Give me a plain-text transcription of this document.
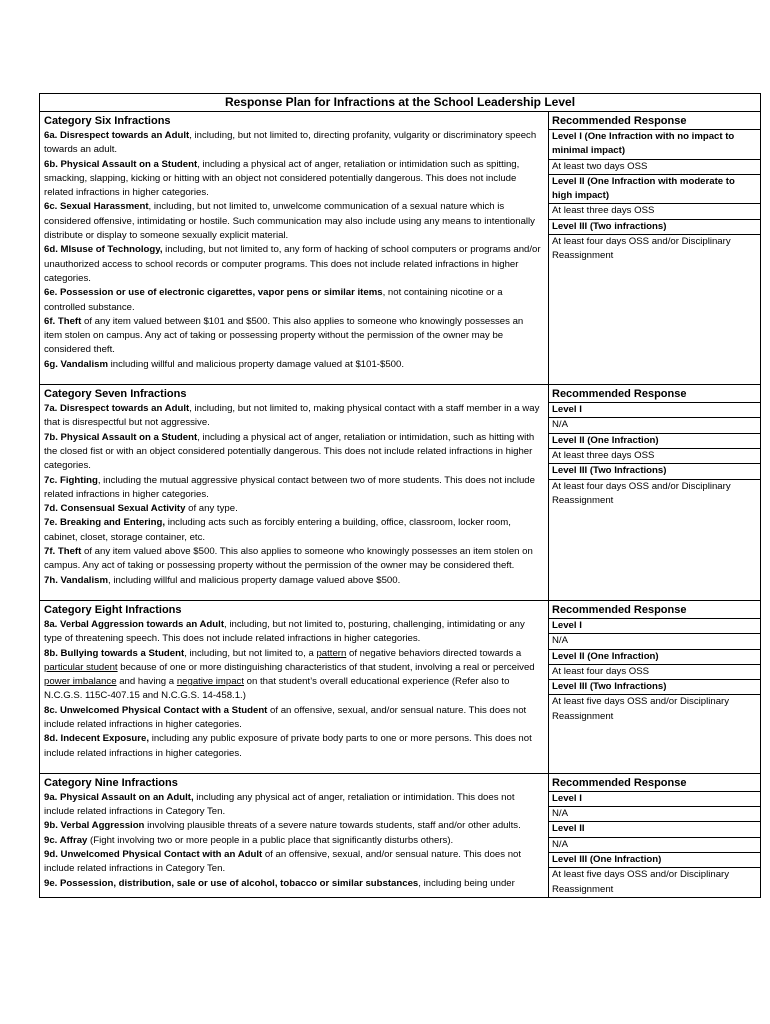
Response Plan for Infractions at the School Leadership Level
Category Six Infractions
6a. Disrespect towards an Adult, including, but not limited to, directing profanity, vulgarity or discriminatory speech towards an adult.
6b. Physical Assault on a Student, including a physical act of anger, retaliation or intimidation such as spitting, smacking, slapping, kicking or hitting with an object not considered potentially dangerous. This does not include related infractions in higher categories.
6c. Sexual Harassment, including, but not limited to, unwelcome communication of a sexual nature which is considered offensive, intimidating or hostile. Such communication may also include using any means to intentionally distribute or display to someone sexually explicit material.
6d. MIsuse of Technology, including, but not limited to, any form of hacking of school computers or programs and/or unauthorized access to school records or computer programs. This does not include related infractions in higher categories.
6e. Possession or use of electronic cigarettes, vapor pens or similar items, not containing nicotine or a controlled substance.
6f. Theft of any item valued between $101 and $500. This also applies to someone who knowingly possesses an item stolen on campus. Any act of taking or possessing property without the permission of the owner may be considered theft.
6g. Vandalism including willful and malicious property damage valued at $101-$500.
Recommended Response
Level I (One Infraction with no impact to minimal impact)
At least two days OSS
Level II (One Infraction with moderate to high impact)
At least three days OSS
Level III (Two infractions)
At least four days OSS and/or Disciplinary Reassignment
Category Seven Infractions
7a. Disrespect towards an Adult, including, but not limited to, making physical contact with a staff member in a way that is disrespectful but not aggressive.
7b. Physical Assault on a Student, including a physical act of anger, retaliation or intimidation, such as hitting with the closed fist or with an object considered potentially dangerous. This does not include related infractions in higher categories.
7c. Fighting, including the mutual aggressive physical contact between two of more students. This does not include related infractions in higher categories.
7d. Consensual Sexual Activity of any type.
7e. Breaking and Entering, including acts such as forcibly entering a building, office, classroom, locker room, cabinet, closet, storage container, etc.
7f. Theft of any item valued above $500. This also applies to someone who knowingly possesses an item stolen on campus. Any act of taking or possessing property without the permission of the owner may be considered theft.
7h. Vandalism, including willful and malicious property damage valued above $500.
Recommended Response
Level I
N/A
Level II (One Infraction)
At least three days OSS
Level III (Two Infractions)
At least four days OSS and/or Disciplinary Reassignment
Category Eight Infractions
8a. Verbal Aggression towards an Adult, including, but not limited to, posturing, challenging, intimidating or any type of threatening speech. This does not include related infractions in higher categories.
8b. Bullying towards a Student, including, but not limited to, a pattern of negative behaviors directed towards a particular student because of one or more distinguishing characteristics of that student, involving a real or perceived power imbalance and having a negative impact on that student’s overall educational experience (Refer also to N.C.G.S. 115C-407.15 and N.C.G.S. 14-458.1.)
8c. Unwelcomed Physical Contact with a Student of an offensive, sexual, and/or sensual nature. This does not include related infractions in higher categories.
8d. Indecent Exposure, including any public exposure of private body parts to one or more persons. This does not include related infractions in higher categories.
Recommended Response
Level I
N/A
Level II (One Infraction)
At least four days OSS
Level III (Two Infractions)
At least five days OSS and/or Disciplinary Reassignment
Category Nine Infractions
9a. Physical Assault on an Adult, including any physical act of anger, retaliation or intimidation. This does not include related infractions in Category Ten.
9b. Verbal Aggression involving plausible threats of a severe nature towards students, staff and/or other adults.
9c. Affray (Fight involving two or more people in a public place that significantly disturbs others).
9d. Unwelcomed Physical Contact with an Adult of an offensive, sexual, and/or sensual nature. This does not include related infractions in Category Ten.
9e. Possession, distribution, sale or use of alcohol, tobacco or similar substances, including being under
Recommended Response
Level I
N/A
Level II
N/A
Level III (One Infraction)
At least five days OSS and/or Disciplinary Reassignment
